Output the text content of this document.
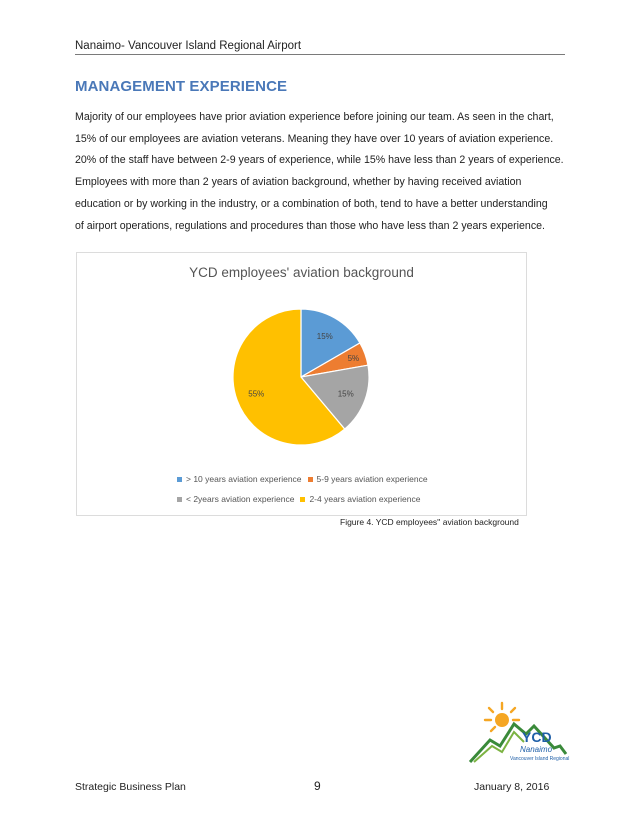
Nanaimo- Vancouver Island Regional Airport
MANAGEMENT EXPERIENCE
Majority of our employees have prior aviation experience before joining our team. As seen in the chart,
15% of our employees are aviation veterans. Meaning they have over 10 years of aviation experience.
20% of the staff have between 2-9 years of experience, while 15% have less than 2 years of experience.
Employees with more than 2 years of aviation background, whether by having received aviation
education or by working in the industry, or a combination of both, tend to have a better understanding
of airport operations, regulations and procedures than those who have less than 2 years experience.
YCD employees' aviation background
15%
5%
15%
55%
> 10 years aviation experience 5-9 years aviation experience
< 2years aviation experience 2-4 years aviation experience
Figure 4. YCD employees'' aviation background
YCD
Nanaimo
Vancouver Island Regional
Strategic Business Plan	9	January 8, 2016
